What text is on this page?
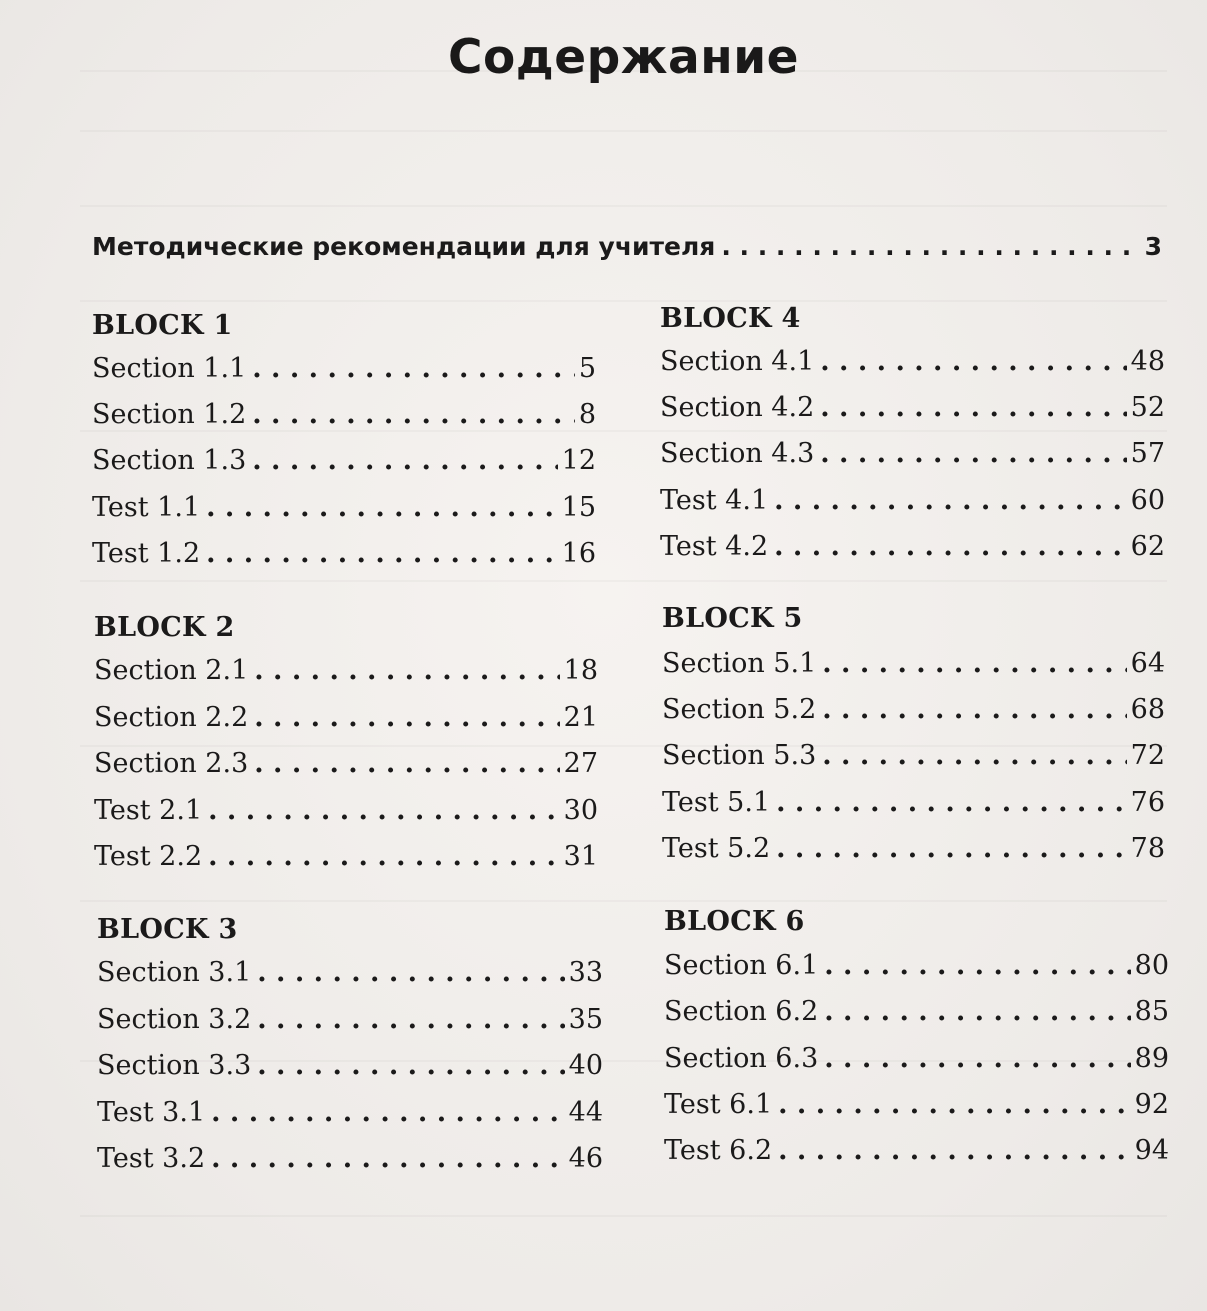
Содержание
Методические рекомендации для учителя . . .	3
BLOCK 1
Section 1.1 . . .	5
Section 1.2 . . .	8
Section 1.3 . . .	12
Test 1.1 . . .	15
Test 1.2 . . .	16
BLOCK 2
Section 2.1 . . .	18
Section 2.2 . . .	21
Section 2.3 . . .	27
Test 2.1 . . .	30
Test 2.2 . . .	31
BLOCK 3
Section 3.1 . . .	33
Section 3.2 . . .	35
Section 3.3 . . .	40
Test 3.1 . . .	44
Test 3.2 . . .	46
BLOCK 4
Section 4.1 . . .	48
Section 4.2 . . .	52
Section 4.3 . . .	57
Test 4.1 . . .	60
Test 4.2 . . .	62
BLOCK 5
Section 5.1 . . .	64
Section 5.2 . . .	68
Section 5.3 . . .	72
Test 5.1 . . .	76
Test 5.2 . . .	78
BLOCK 6
Section 6.1 . . .	80
Section 6.2 . . .	85
Section 6.3 . . .	89
Test 6.1 . . .	92
Test 6.2 . . .	94
